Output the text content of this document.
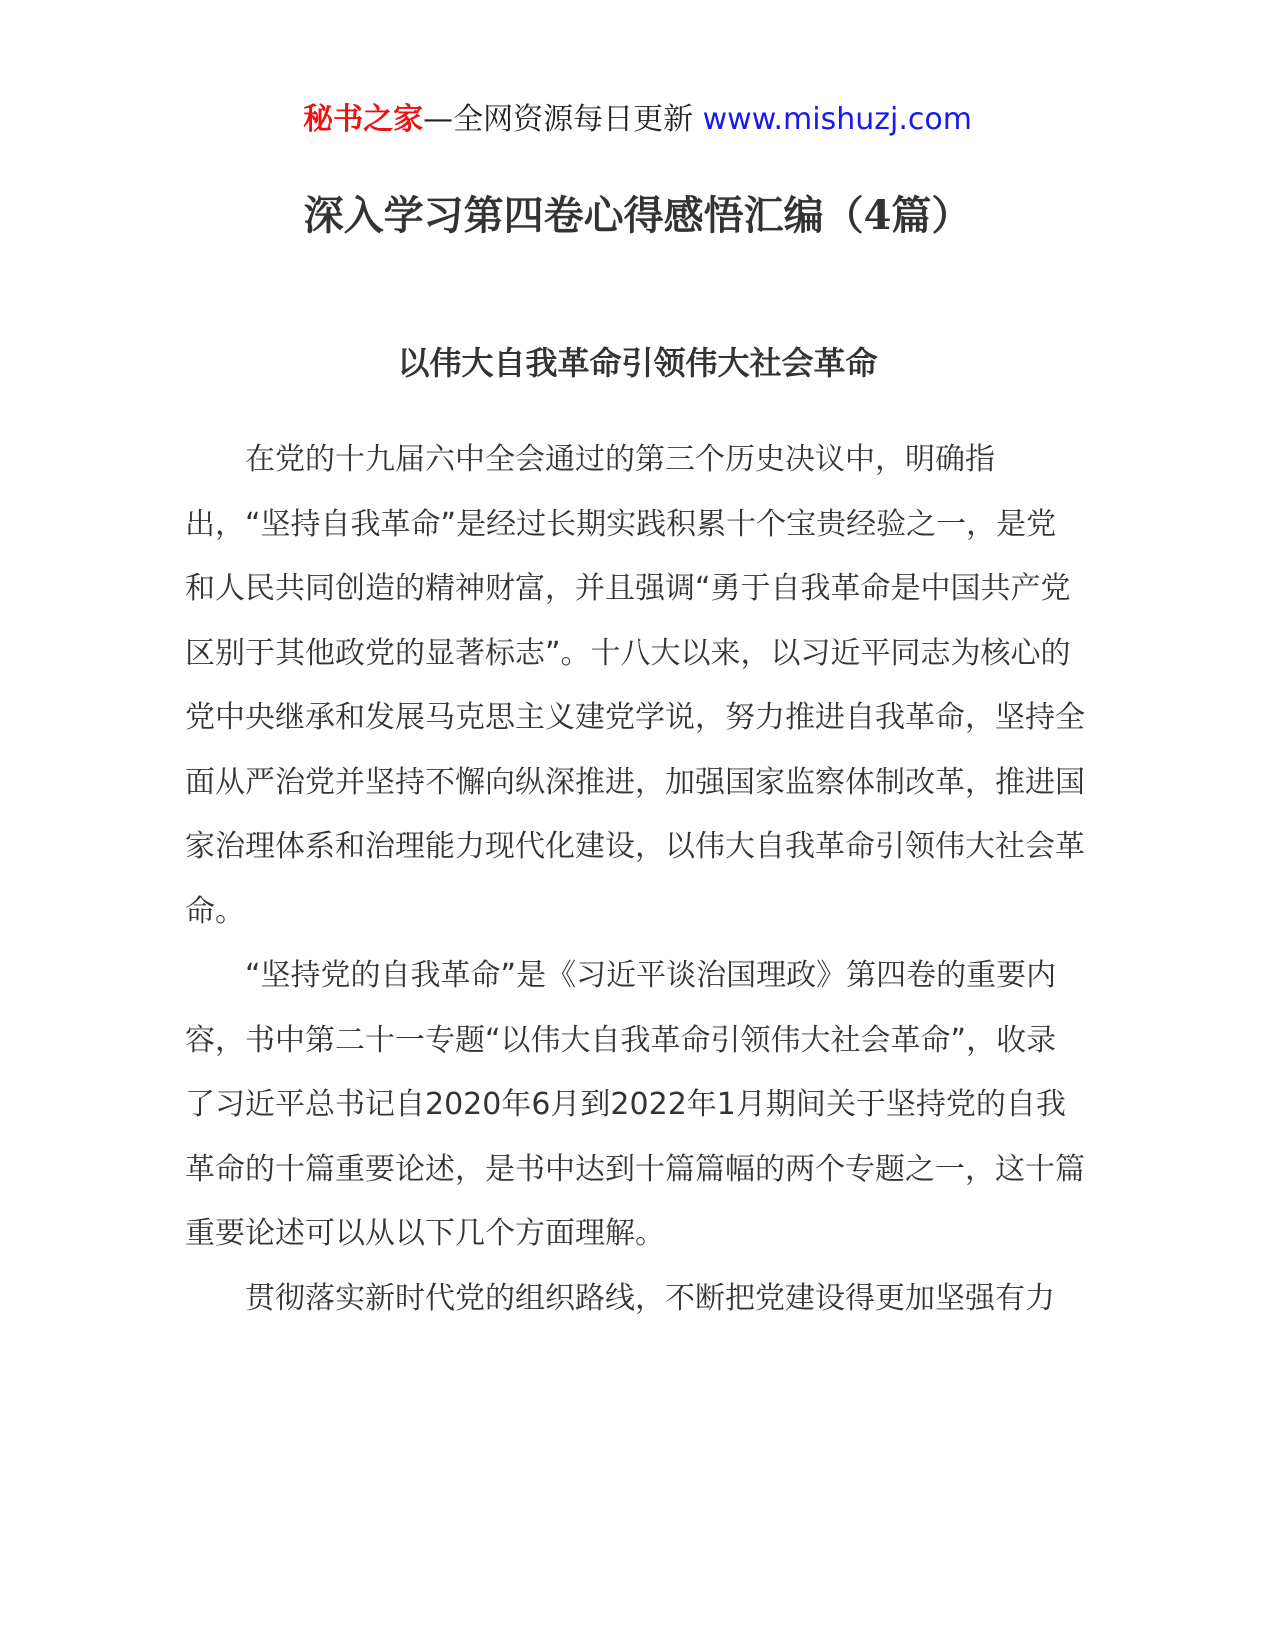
秘书之家—全网资源每日更新 www.mishuzj.com
深入学习第四卷心得感悟汇编（4篇）
以伟大自我革命引领伟大社会革命

在党的十九届六中全会通过的第三个历史决议中，明确指出，“坚持自我革命”是经过长期实践积累十个宝贵经验之一，是党和人民共同创造的精神财富，并且强调“勇于自我革命是中国共产党区别于其他政党的显著标志”。十八大以来，以习近平同志为核心的党中央继承和发展马克思主义建党学说，努力推进自我革命，坚持全面从严治党并坚持不懈向纵深推进，加强国家监察体制改革，推进国家治理体系和治理能力现代化建设，以伟大自我革命引领伟大社会革命。

“坚持党的自我革命”是《习近平谈治国理政》第四卷的重要内容，书中第二十一专题“以伟大自我革命引领伟大社会革命”，收录了习近平总书记自2020年6月到2022年1月期间关于坚持党的自我革命的十篇重要论述，是书中达到十篇篇幅的两个专题之一，这十篇重要论述可以从以下几个方面理解。

贯彻落实新时代党的组织路线，不断把党建设得更加坚强有力
